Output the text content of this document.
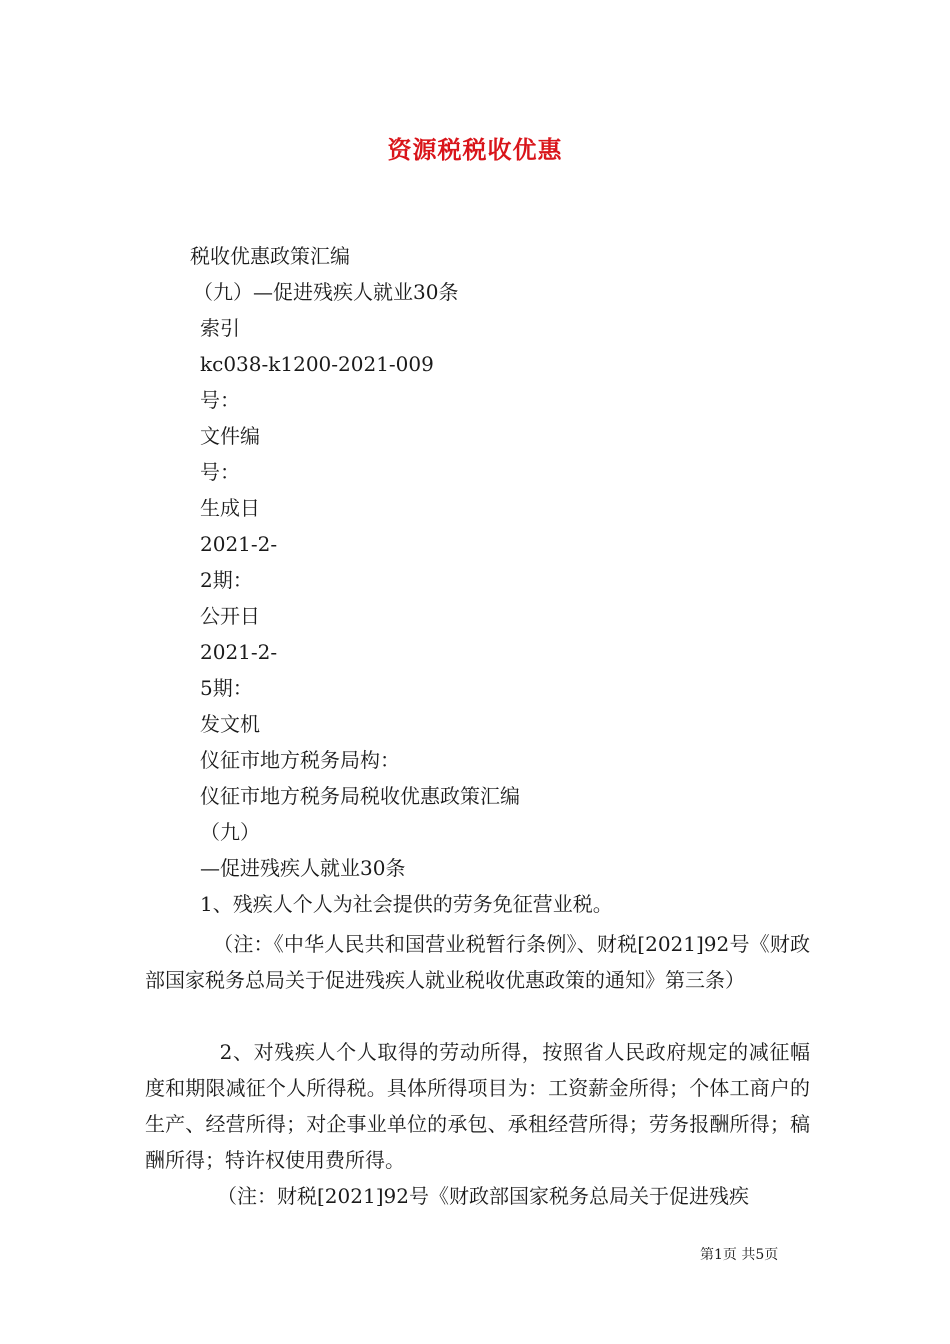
资源税税收优惠
税收优惠政策汇编
（九）—促进残疾人就业30条
索引
kc038-k1200-2021-009
号：
文件编
号：
生成日
2021-2-
2期：
公开日
2021-2-
5期：
发文机
仪征市地方税务局构：
仪征市地方税务局税收优惠政策汇编
（九）
—促进残疾人就业30条
1、残疾人个人为社会提供的劳务免征营业税。
　（注：《中华人民共和国营业税暂行条例》、财税[2021]92号《财政部国家税务总局关于促进残疾人就业税收优惠政策的通知》第三条）
　2、对残疾人个人取得的劳动所得，按照省人民政府规定的减征幅度和期限减征个人所得税。具体所得项目为：工资薪金所得；个体工商户的生产、经营所得；对企事业单位的承包、承租经营所得；劳务报酬所得；稿酬所得；特许权使用费所得。
　（注：财税[2021]92号《财政部国家税务总局关于促进残疾
第1页 共5页
